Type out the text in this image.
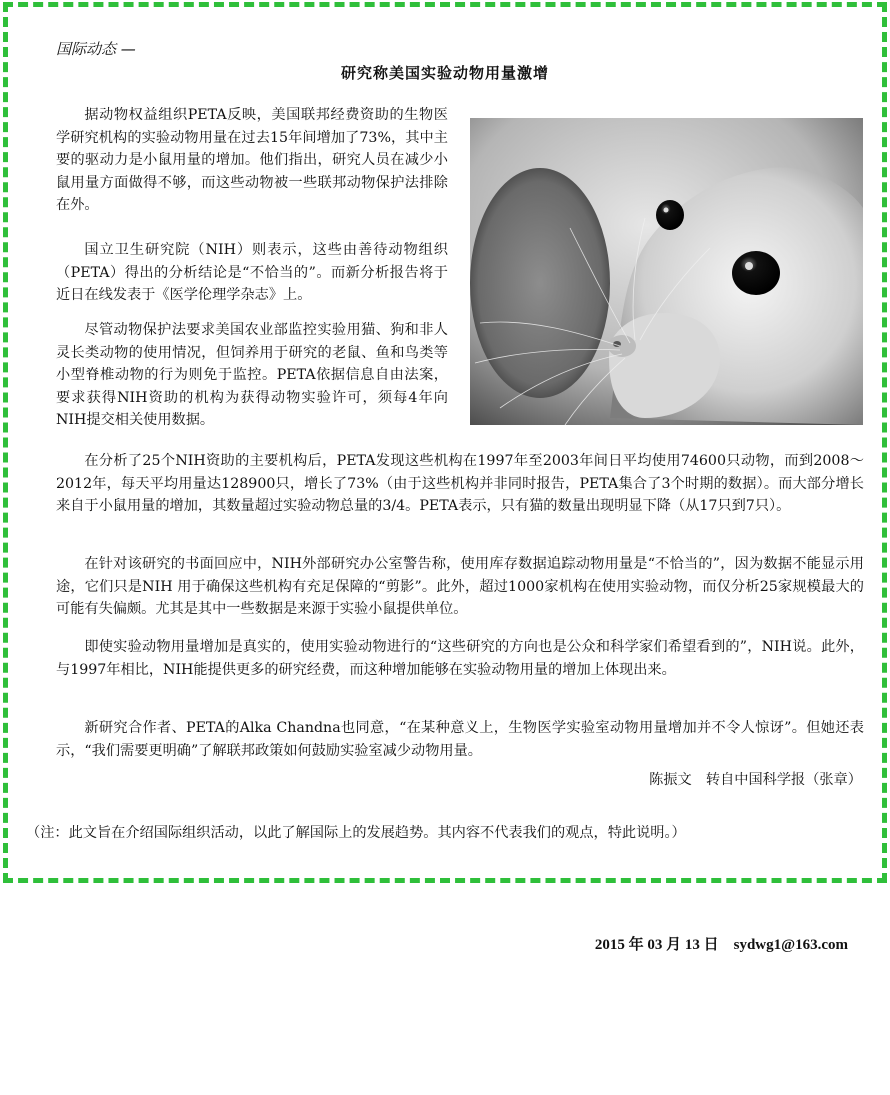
国际动态 —
研究称美国实验动物用量激增

据动物权益组织PETA反映，美国联邦经费资助的生物医学研究机构的实验动物用量在过去15年间增加了73%，其中主要的驱动力是小鼠用量的增加。他们指出，研究人员在减少小鼠用量方面做得不够，而这些动物被一些联邦动物保护法排除在外。

国立卫生研究院（NIH）则表示，这些由善待动物组织（PETA）得出的分析结论是“不恰当的”。而新分析报告将于近日在线发表于《医学伦理学杂志》上。

尽管动物保护法要求美国农业部监控实验用猫、狗和非人灵长类动物的使用情况，但饲养用于研究的老鼠、鱼和鸟类等小型脊椎动物的行为则免于监控。PETA依据信息自由法案，要求获得NIH资助的机构为获得动物实验许可，须每4年向NIH提交相关使用数据。

在分析了25个NIH资助的主要机构后，PETA发现这些机构在1997年至2003年间日平均使用74600只动物，而到2008～2012年，每天平均用量达128900只，增长了73%（由于这些机构并非同时报告，PETA集合了3个时期的数据）。而大部分增长来自于小鼠用量的增加，其数量超过实验动物总量的3/4。PETA表示，只有猫的数量出现明显下降（从17只到7只）。

在针对该研究的书面回应中，NIH外部研究办公室警告称，使用库存数据追踪动物用量是“不恰当的”，因为数据不能显示用途，它们只是NIH 用于确保这些机构有充足保障的“剪影”。此外，超过1000家机构在使用实验动物，而仅分析25家规模最大的可能有失偏颇。尤其是其中一些数据是来源于实验小鼠提供单位。

即使实验动物用量增加是真实的，使用实验动物进行的“这些研究的方向也是公众和科学家们希望看到的”，NIH说。此外，与1997年相比，NIH能提供更多的研究经费，而这种增加能够在实验动物用量的增加上体现出来。

新研究合作者、PETA的Alka Chandna也同意，“在某种意义上，生物医学实验室动物用量增加并不令人惊讶”。但她还表示，“我们需要更明确”了解联邦政策如何鼓励实验室减少动物用量。

陈振文　转自中国科学报（张章）
（注：此文旨在介绍国际组织活动，以此了解国际上的发展趋势。其内容不代表我们的观点，特此说明。）
2015 年 03 月 13 日　sydwg1@163.com
